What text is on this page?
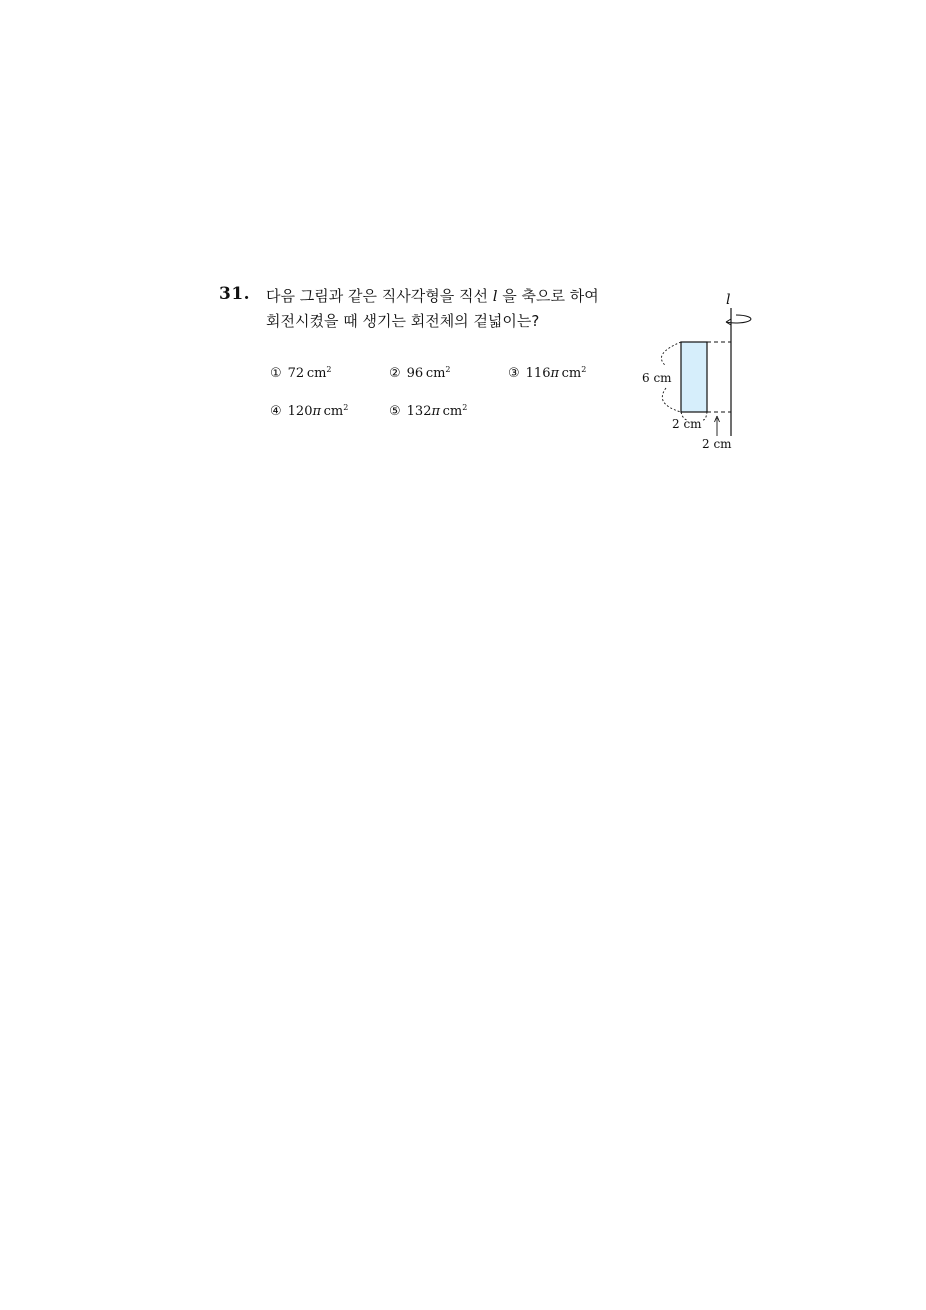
31. 다음 그림과 같은 직사각형을 직선 l 을 축으로 하여
회전시켰을 때 생기는 회전체의 겉넓이는?
① 72  $cm^2$	② 96  $cm^2$	③ 116π  $cm^2$
④ 120π  $cm^2$	⑤ 132π  $cm^2$
l
6 cm
2 cm
2 cm
